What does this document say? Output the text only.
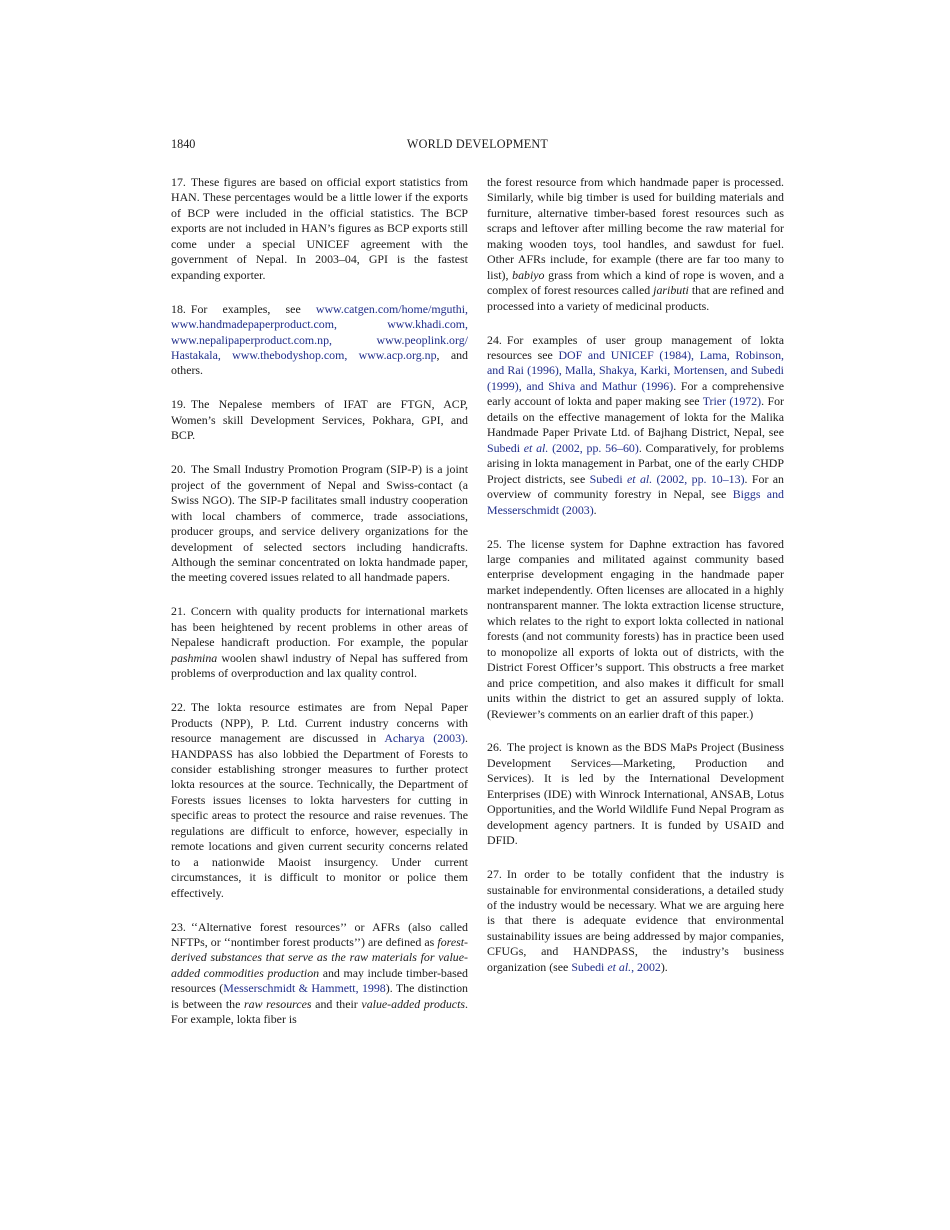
1840	WORLD DEVELOPMENT

17. These figures are based on official export statistics from HAN. These percentages would be a little lower if the exports of BCP were included in the official statistics. The BCP exports are not included in HAN’s figures as BCP exports still come under a special UNICEF agreement with the government of Nepal. In 2003–04, GPI is the fastest expanding exporter.

18. For examples, see www.catgen.com/home/mguthi, www.handmadepaperproduct.com, www.khadi.com, www.nepalipaperproduct.com.np, www.peoplink.org/ Hastakala, www.thebodyshop.com, www.acp.org.np, and others.

19. The Nepalese members of IFAT are FTGN, ACP, Women’s skill Development Services, Pokhara, GPI, and BCP.

20. The Small Industry Promotion Program (SIP-P) is a joint project of the government of Nepal and Swiss-contact (a Swiss NGO). The SIP-P facilitates small industry cooperation with local chambers of commerce, trade associations, producer groups, and service delivery organizations for the development of selected sectors including handicrafts. Although the seminar concentrated on lokta handmade paper, the meeting covered issues related to all handmade papers.

21. Concern with quality products for international markets has been heightened by recent problems in other areas of Nepalese handicraft production. For example, the popular pashmina woolen shawl industry of Nepal has suffered from problems of overproduction and lax quality control.

22. The lokta resource estimates are from Nepal Paper Products (NPP), P. Ltd. Current industry concerns with resource management are discussed in Acharya (2003). HANDPASS has also lobbied the Department of Forests to consider establishing stronger measures to further protect lokta resources at the source. Technically, the Department of Forests issues licenses to lokta harvesters for cutting in specific areas to protect the resource and raise revenues. The regulations are difficult to enforce, however, especially in remote locations and given current security concerns related to a nationwide Maoist insurgency. Under current circumstances, it is difficult to monitor or police them effectively.

23. ‘‘Alternative forest resources’’ or AFRs (also called NFTPs, or ‘‘nontimber forest products’’) are defined as forest-derived substances that serve as the raw materials for value-added commodities production and may include timber-based resources (Messerschmidt & Hammett, 1998). The distinction is between the raw resources and their value-added products. For example, lokta fiber is

the forest resource from which handmade paper is processed. Similarly, while big timber is used for building materials and furniture, alternative timber-based forest resources such as scraps and leftover after milling become the raw material for making wooden toys, tool handles, and sawdust for fuel. Other AFRs include, for example (there are far too many to list), babiyo grass from which a kind of rope is woven, and a complex of forest resources called jaributi that are refined and processed into a variety of medicinal products.

24. For examples of user group management of lokta resources see DOF and UNICEF (1984), Lama, Robinson, and Rai (1996), Malla, Shakya, Karki, Mortensen, and Subedi (1999), and Shiva and Mathur (1996). For a comprehensive early account of lokta and paper making see Trier (1972). For details on the effective management of lokta for the Malika Handmade Paper Private Ltd. of Bajhang District, Nepal, see Subedi et al. (2002, pp. 56–60). Comparatively, for problems arising in lokta management in Parbat, one of the early CHDP Project districts, see Subedi et al. (2002, pp. 10–13). For an overview of community forestry in Nepal, see Biggs and Messerschmidt (2003).

25. The license system for Daphne extraction has favored large companies and militated against community based enterprise development engaging in the handmade paper market independently. Often licenses are allocated in a highly nontransparent manner. The lokta extraction license structure, which relates to the right to export lokta collected in national forests (and not community forests) has in practice been used to monopolize all exports of lokta out of districts, with the District Forest Officer’s support. This obstructs a free market and price competition, and also makes it difficult for small units within the district to get an assured supply of lokta. (Reviewer’s comments on an earlier draft of this paper.)

26. The project is known as the BDS MaPs Project (Business Development Services—Marketing, Production and Services). It is led by the International Development Enterprises (IDE) with Winrock International, ANSAB, Lotus Opportunities, and the World Wildlife Fund Nepal Program as development agency partners. It is funded by USAID and DFID.

27. In order to be totally confident that the industry is sustainable for environmental considerations, a detailed study of the industry would be necessary. What we are arguing here is that there is adequate evidence that environmental sustainability issues are being addressed by major companies, CFUGs, and HANDPASS, the industry’s business organization (see Subedi et al., 2002).
